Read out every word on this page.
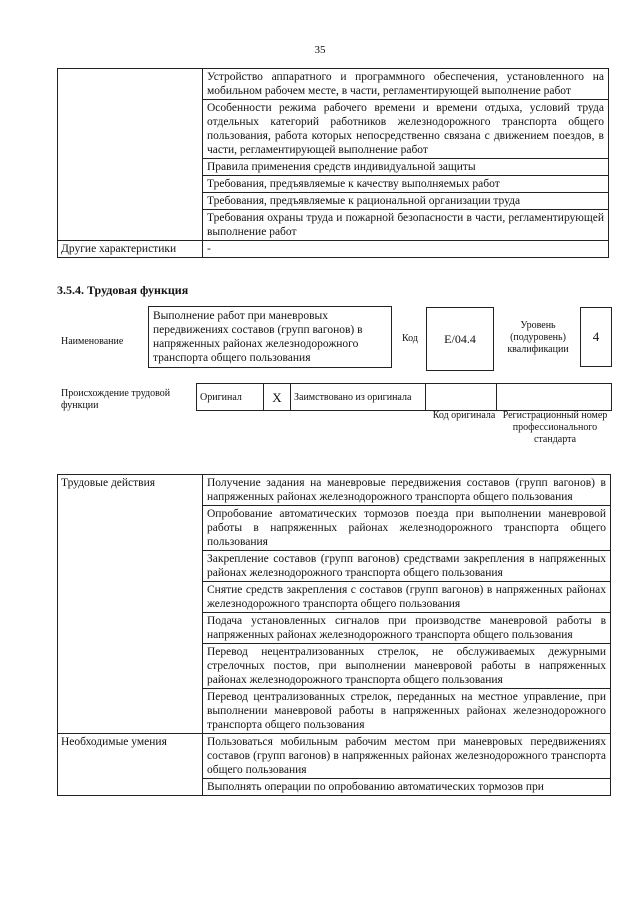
35
	Устройство аппаратного и программного обеспечения, установленного на мобильном рабочем месте, в части, регламентирующей выполнение работ
	Особенности режима рабочего времени и времени отдыха, условий труда отдельных категорий работников железнодорожного транспорта общего пользования, работа которых непосредственно связана с движением поездов, в части, регламентирующей выполнение работ
	Правила применения средств индивидуальной защиты
	Требования, предъявляемые к качеству выполняемых работ
	Требования, предъявляемые к рациональной организации труда
	Требования охраны труда и пожарной безопасности в части, регламентирующей выполнение работ
Другие характеристики	-
3.5.4. Трудовая функция
Наименование
Выполнение работ при маневровых передвижениях составов (групп вагонов) в напряженных районах железнодорожного транспорта общего пользования
Код	Е/04.4
Уровень (подуровень) квалификации
4
Происхождение трудовой функции
Оригинал	X	Заимствовано из оригинала		
Код оригинала Регистрационный номер профессионального стандарта
Трудовые действия	Получение задания на маневровые передвижения составов (групп вагонов) в напряженных районах железнодорожного транспорта общего пользования
	Опробование автоматических тормозов поезда при выполнении маневровой работы в напряженных районах железнодорожного транспорта общего пользования
	Закрепление составов (групп вагонов) средствами закрепления в напряженных районах железнодорожного транспорта общего пользования
	Снятие средств закрепления с составов (групп вагонов) в напряженных районах железнодорожного транспорта общего пользования
	Подача установленных сигналов при производстве маневровой работы в напряженных районах железнодорожного транспорта общего пользования
	Перевод нецентрализованных стрелок, не обслуживаемых дежурными стрелочных постов, при выполнении маневровой работы в напряженных районах железнодорожного транспорта общего пользования
	Перевод централизованных стрелок, переданных на местное управление, при выполнении маневровой работы в напряженных районах железнодорожного транспорта общего пользования
Необходимые умения	Пользоваться мобильным рабочим местом при маневровых передвижениях составов (групп вагонов) в напряженных районах железнодорожного транспорта общего пользования
	Выполнять операции по опробованию автоматических тормозов при
